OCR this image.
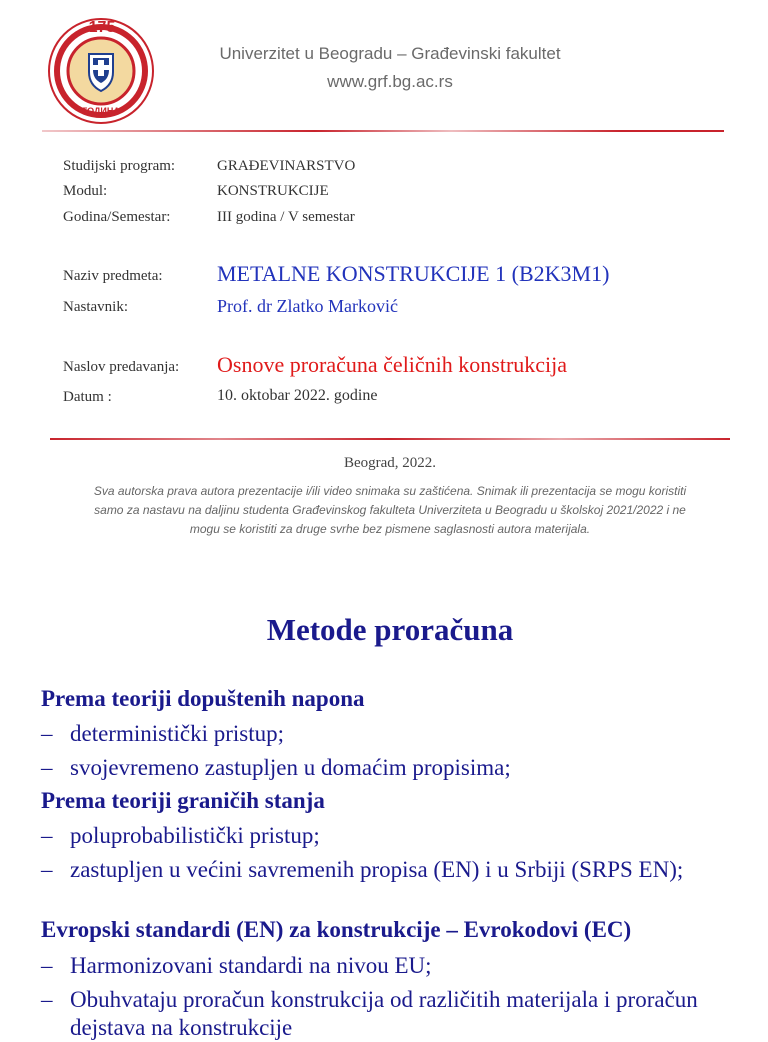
175
ГОДИНА
Univerzitet u Beogradu – Građevinski fakultet
www.grf.bg.ac.rs
Studijski program:	GRAĐEVINARSTVO
Modul:	KONSTRUKCIJE
Godina/Semestar:	III godina / V semestar
Naziv predmeta: METALNE KONSTRUKCIJE 1 (B2K3M1)
Nastavnik:	Prof. dr Zlatko Marković
Naslov predavanja: Osnove proračuna čeličnih konstrukcija
Datum :	10. oktobar 2022. godine
Beograd, 2022.
Sva autorska prava autora prezentacije i/ili video snimaka su zaštićena. Snimak ili prezentacija se mogu koristiti
samo za nastavu na daljinu studenta Građevinskog fakulteta Univerziteta u Beogradu u školskoj 2021/2022 i ne
mogu se koristiti za druge svrhe bez pismene saglasnosti autora materijala.
Metode proračuna
Prema teoriji dopuštenih napona
– deterministički pristup;
– svojevremeno zastupljen u domaćim propisima;
Prema teoriji graničih stanja
– poluprobabilistički pristup;
– zastupljen u većini savremenih propisa (EN) i u Srbiji (SRPS EN);
Evropski standardi (EN) za konstrukcije – Evrokodovi (EC)
– Harmonizovani standardi na nivou EU;
– Obuhvataju proračun konstrukcija od različitih materijala i proračun dejstava na konstrukcije
